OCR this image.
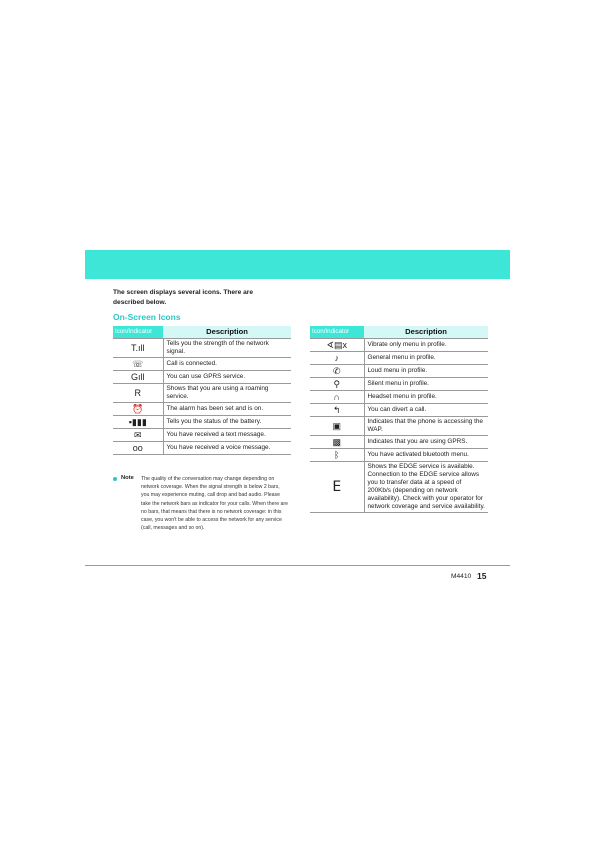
The screen displays several icons. There are described below.
On-Screen Icons
Icon/Indicator	Description
T.ıll	Tells you the strength of the network signal.
☏	Call is connected.
Gıll	You can use GPRS service.
R	Shows that you are using a roaming service.
⏰	The alarm has been set and is on.
▪▮▮▮	Tells you the status of the battery.
✉	You have received a text message.
oo	You have received a voice message.
Icon/Indicator	Description
∢▤x	Vibrate only menu in profile.
♪	General menu in profile.
✆	Loud menu in profile.
⚲	Silent menu in profile.
∩	Headset menu in profile.
↰	You can divert a call.
▣	Indicates that the phone is accessing the WAP.
▩	Indicates that you are using GPRS.
ᛒ	You have activated bluetooth menu.
E	Shows the EDGE service is available. Connection to the EDGE service allows you to transfer data at a speed of 200Kb/s (depending on network availability). Check with your operator for network coverage and service availability.
Note The quality of the conversation may change depending on network coverage. When the signal strength is below 2 bars, you may experience muting, call drop and bad audio. Please take the network bars as indicator for your calls. When there are no bars, that means that there is no network coverage: in this case, you won't be able to access the network for any service (call, messages and so on).
M4410 15
